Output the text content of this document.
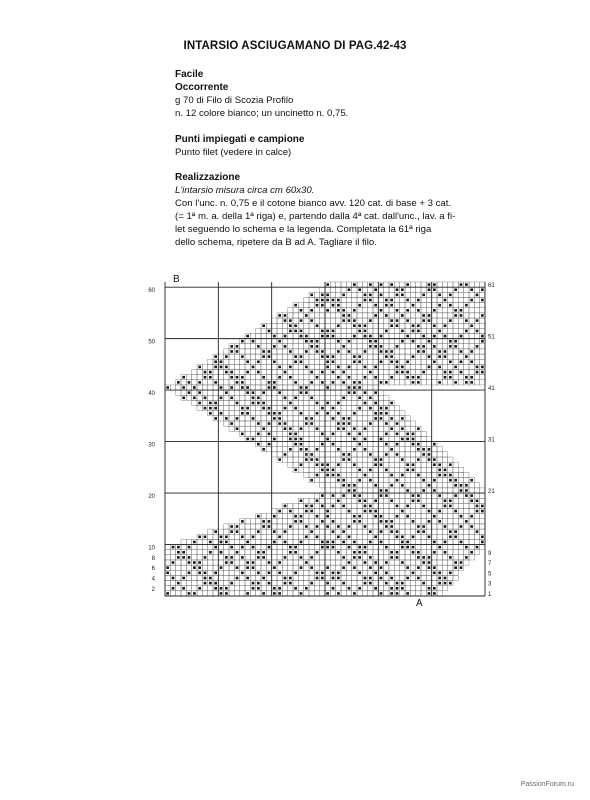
INTARSIO ASCIUGAMANO DI PAG.42-43
Facile
Occorrente
g 70 di Filo di Scozia Profilo
n. 12 colore bianco; un uncinetto n. 0,75.
Punti impiegati e campione
Punto filet (vedere in calce)
Realizzazione
L'intarsio misura circa cm 60x30.
Con l'unc. n. 0,75 e il cotone bianco avv. 120 cat. di base + 3 cat.
(= 1ª m. a. della 1ª riga) e, partendo dalla 4ª cat. dall'unc., lav. a fi-
let seguendo lo schema e la legenda. Completata la 61ª riga
dello schema, ripetere da B ad A. Tagliare il filo.
2
4
6
8
10
20
30
40
50
60
1
3
5
7
9
21
31
41
51
61
B
A
PassionForum.ru
